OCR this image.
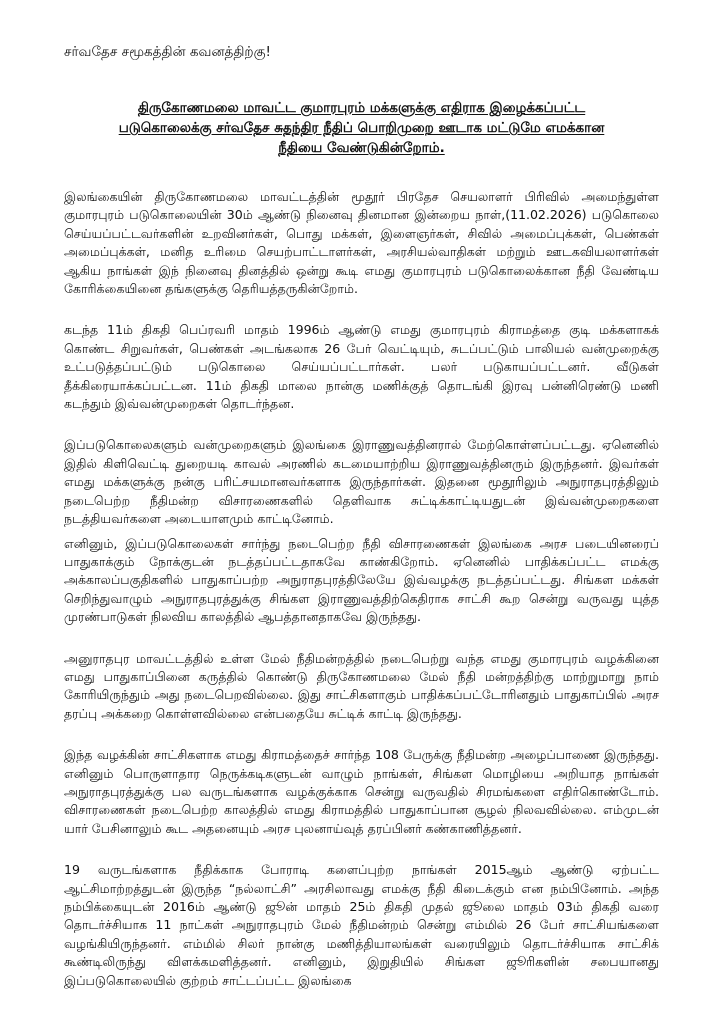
சர்வதேச சமூகத்தின் கவனத்திற்கு!
திருகோணமலை மாவட்ட குமாரபுரம் மக்களுக்கு எதிராக இழைக்கப்பட்ட
படுகொலைக்கு சர்வதேச சுதந்திர நீதிப் பொறிமுறை ஊடாக மட்டுமே எமக்கான
நீதியை வேண்டுகின்றோம்.

இலங்கையின் திருகோணமலை மாவட்டத்தின் மூதூர் பிரதேச செயலாளர் பிரிவில் அமைந்துள்ள குமாரபுரம் படுகொலையின் 30ம் ஆண்டு நினைவு தினமான இன்றைய நாள்,(11.02.2026) படுகொலை செய்யப்பட்டவர்களின் உறவினர்கள், பொது மக்கள், இளைஞர்கள், சிவில் அமைப்புக்கள், பெண்கள் அமைப்புக்கள், மனித உரிமை செயற்பாட்டாளர்கள், அரசியல்வாதிகள் மற்றும் ஊடகவியலாளர்கள் ஆகிய நாங்கள் இந் நினைவு தினத்தில் ஒன்று கூடி எமது குமாரபுரம் படுகொலைக்கான நீதி வேண்டிய கோரிக்கையினை தங்களுக்கு தெரியத்தருகின்றோம்.

கடந்த 11ம் திகதி பெப்ரவரி மாதம் 1996ம் ஆண்டு எமது குமாரபுரம் கிராமத்தை குடி மக்களாகக் கொண்ட சிறுவர்கள், பெண்கள் அடங்கலாக 26 பேர் வெட்டியும், சுடப்பட்டும் பாலியல் வன்முறைக்கு உட்படுத்தப்பட்டும் படுகொலை செய்யப்பட்டார்கள். பலர் படுகாயப்பட்டனர். வீடுகள் தீக்கிரையாக்கப்பட்டன. 11ம் திகதி மாலை நான்கு மணிக்குத் தொடங்கி இரவு பன்னிரெண்டு மணி கடந்தும் இவ்வன்முறைகள் தொடர்ந்தன.

இப்படுகொலைகளும் வன்முறைகளும் இலங்கை இராணுவத்தினரால் மேற்கொள்ளப்பட்டது. ஏனெனில் இதில் கிளிவெட்டி துறையடி காவல் அரணில் கடமையாற்றிய இராணுவத்தினரும் இருந்தனர். இவர்கள் எமது மக்களுக்கு நன்கு பரிட்சயமானவர்களாக இருந்தார்கள். இதனை மூதூரிலும் அநுராதபுரத்திலும் நடைபெற்ற நீதிமன்ற விசாரணைகளில் தெளிவாக சுட்டிக்காட்டியதுடன் இவ்வன்முறைகளை நடத்தியவர்களை அடையாளமும் காட்டினோம்.

எனினும், இப்படுகொலைகள் சார்ந்து நடைபெற்ற நீதி விசாரணைகள் இலங்கை அரச படையினரைப் பாதுகாக்கும் நோக்குடன் நடத்தப்பட்டதாகவே காண்கிறோம். ஏனெனில் பாதிக்கப்பட்ட எமக்கு அக்காலப்பகுதிகளில் பாதுகாப்பற்ற அநுராதபுரத்திலேயே இவ்வழக்கு நடத்தப்பட்டது. சிங்கள மக்கள் செறிந்துவாழும் அநுராதபுரத்துக்கு சிங்கள இராணுவத்திற்கெதிராக சாட்சி கூற சென்று வருவது யுத்த முரண்பாடுகள் நிலவிய காலத்தில் ஆபத்தானதாகவே இருந்தது.

அனுராதபுர மாவட்டத்தில் உள்ள மேல் நீதிமன்றத்தில் நடைபெற்று வந்த எமது குமாரபுரம் வழக்கினை எமது பாதுகாப்பினை கருத்தில் கொண்டு திருகோணமலை மேல் நீதி மன்றத்திற்கு மாற்றுமாறு நாம் கோரியிருந்தும் அது நடைபெறவில்லை. இது சாட்சிகளாகும் பாதிக்கப்பட்டோரினதும் பாதுகாப்பில் அரச தரப்பு அக்கறை கொள்ளவில்லை என்பதையே சுட்டிக் காட்டி இருந்தது.

இந்த வழக்கின் சாட்சிகளாக எமது கிராமத்தைச் சார்ந்த 108 பேருக்கு நீதிமன்ற அழைப்பாணை இருந்தது. எனினும் பொருளாதார நெருக்கடிகளுடன் வாழும் நாங்கள், சிங்கள மொழியை அறியாத நாங்கள் அநுராதபுரத்துக்கு பல வருடங்களாக வழக்குக்காக சென்று வருவதில் சிரமங்களை எதிர்கொண்டோம். விசாரணைகள் நடைபெற்ற காலத்தில் எமது கிராமத்தில் பாதுகாப்பான சூழல் நிலவவில்லை. எம்முடன் யார் பேசினாலும் கூட அதனையும் அரச புலனாய்வுத் தரப்பினர் கண்காணித்தனர்.

19 வருடங்களாக நீதிக்காக போராடி களைப்புற்ற நாங்கள் 2015ஆம் ஆண்டு ஏற்பட்ட ஆட்சிமாற்றத்துடன் இருந்த “நல்லாட்சி” அரசிலாவது எமக்கு நீதி கிடைக்கும் என நம்பினோம். அந்த நம்பிக்கையுடன் 2016ம் ஆண்டு ஜூன் மாதம் 25ம் திகதி முதல் ஜூலை மாதம் 03ம் திகதி வரை தொடர்ச்சியாக 11 நாட்கள் அநுராதபுரம் மேல் நீதிமன்றம் சென்று எம்மில் 26 பேர் சாட்சியங்களை வழங்கியிருந்தனர். எம்மில் சிலர் நான்கு மணித்தியாலங்கள் வரையிலும் தொடர்ச்சியாக சாட்சிக் கூண்டிலிருந்து விளக்கமளித்தனர். எனினும், இறுதியில் சிங்கள ஜூரிகளின் சபையானது இப்படுகொலையில் குற்றம் சாட்டப்பட்ட இலங்கை
